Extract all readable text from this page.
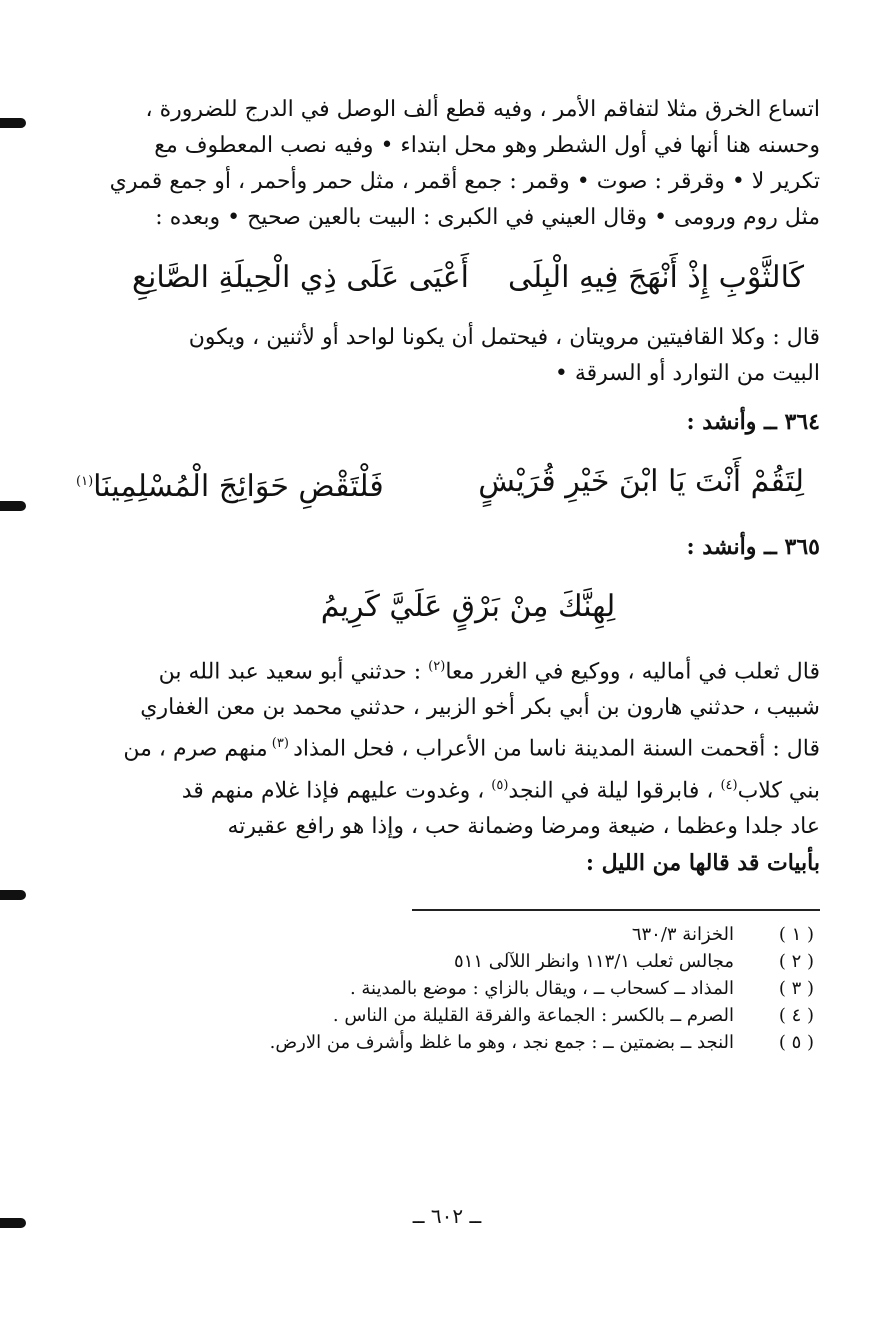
اتساع الخرق مثلا لتفاقم الأمر ، وفيه قطع ألف الوصل في الدرج للضرورة ،
وحسنه هنا أنها في أول الشطر وهو محل ابتداء • وفيه نصب المعطوف مع
تكرير لا • وقرقر : صوت • وقمر : جمع أقمر ، مثل حمر وأحمر ، أو جمع قمري
مثل روم ورومى • وقال العيني في الكبرى : البيت بالعين صحيح • وبعده :

كَالثَّوْبِ إِذْ أَنْهَجَ فِيهِ الْبِلَى
أَعْيَى عَلَى ذِي الْحِيلَةِ الصَّانِعِ

قال : وكلا القافيتين مرويتان ، فيحتمل أن يكونا لواحد أو لأثنين ، ويكون
البيت من التوارد أو السرقة •

٣٦٤ ــ وأنشد :
لِتَقُمْ أَنْتَ يَا ابْنَ خَيْرِ قُرَيْشٍ
فَلْتَقْضِ حَوَائِجَ الْمُسْلِمِينَا$^{(١)}$
٣٦٥ ــ وأنشد :
لِهِنَّكَ مِنْ بَرْقٍ عَلَيَّ كَرِيمُ

قال ثعلب في أماليه ، ووكيع في الغرر معا$^{(٢)}$ : حدثني أبو سعيد عبد الله بن
شبيب ، حدثني هارون بن أبي بكر أخو الزبير ، حدثني محمد بن معن الغفاري
قال : أقحمت السنة المدينة ناسا من الأعراب ، فحل المذاد $^{(٣)}$ منهم صرم ، من
بني كلاب$^{(٤)}$ ، فابرقوا ليلة في النجد$^{(٥)}$ ، وغدوت عليهم فإذا غلام منهم قد
عاد جلدا وعظما ، ضيعة ومرضا وضمانة حب ، وإذا هو رافع عقيرته
بأبيات قد قالها من الليل :

( ١ )
الخزانة ٦٣٠/٣
( ٢ )
مجالس ثعلب ١١٣/١ وانظر اللآلى ٥١١
( ٣ )
المذاد ــ كسحاب ــ ، ويقال بالزاي : موضع بالمدينة .
( ٤ )
الصرم ــ بالكسر : الجماعة والفرقة القليلة من الناس .
( ٥ )
النجد ــ بضمتين ــ : جمع نجد ، وهو ما غلظ وأشرف من الارض.
ــ ٦٠٢ ــ
